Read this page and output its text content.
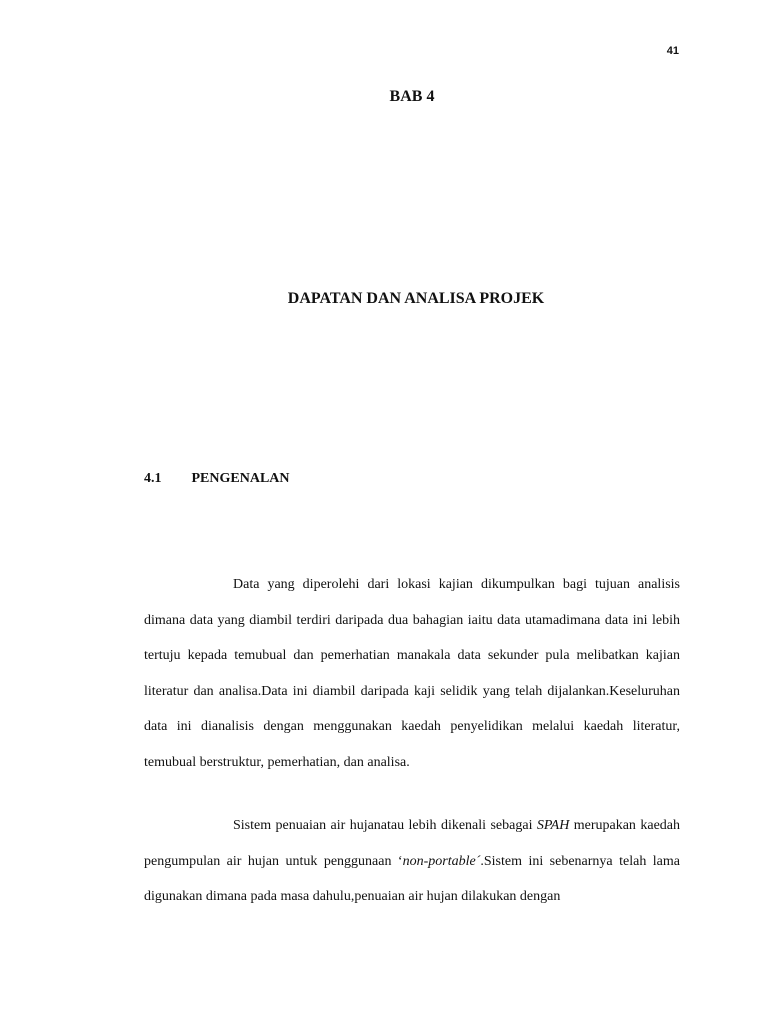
41
BAB 4
DAPATAN DAN ANALISA PROJEK
4.1 PENGENALAN

Data yang diperolehi dari lokasi kajian dikumpulkan bagi tujuan analisis dimana data yang diambil terdiri daripada dua bahagian iaitu data utamadimana data ini lebih tertuju kepada temubual dan pemerhatian manakala data sekunder pula melibatkan kajian literatur dan analisa.Data ini diambil daripada kaji selidik yang telah dijalankan.Keseluruhan data ini dianalisis dengan menggunakan kaedah penyelidikan melalui kaedah literatur, temubual berstruktur, pemerhatian, dan analisa.

Sistem penuaian air hujanatau lebih dikenali sebagai SPAH merupakan kaedah pengumpulan air hujan untuk penggunaan ‘non-portable´.Sistem ini sebenarnya telah lama digunakan dimana pada masa dahulu,penuaian air hujan dilakukan dengan
